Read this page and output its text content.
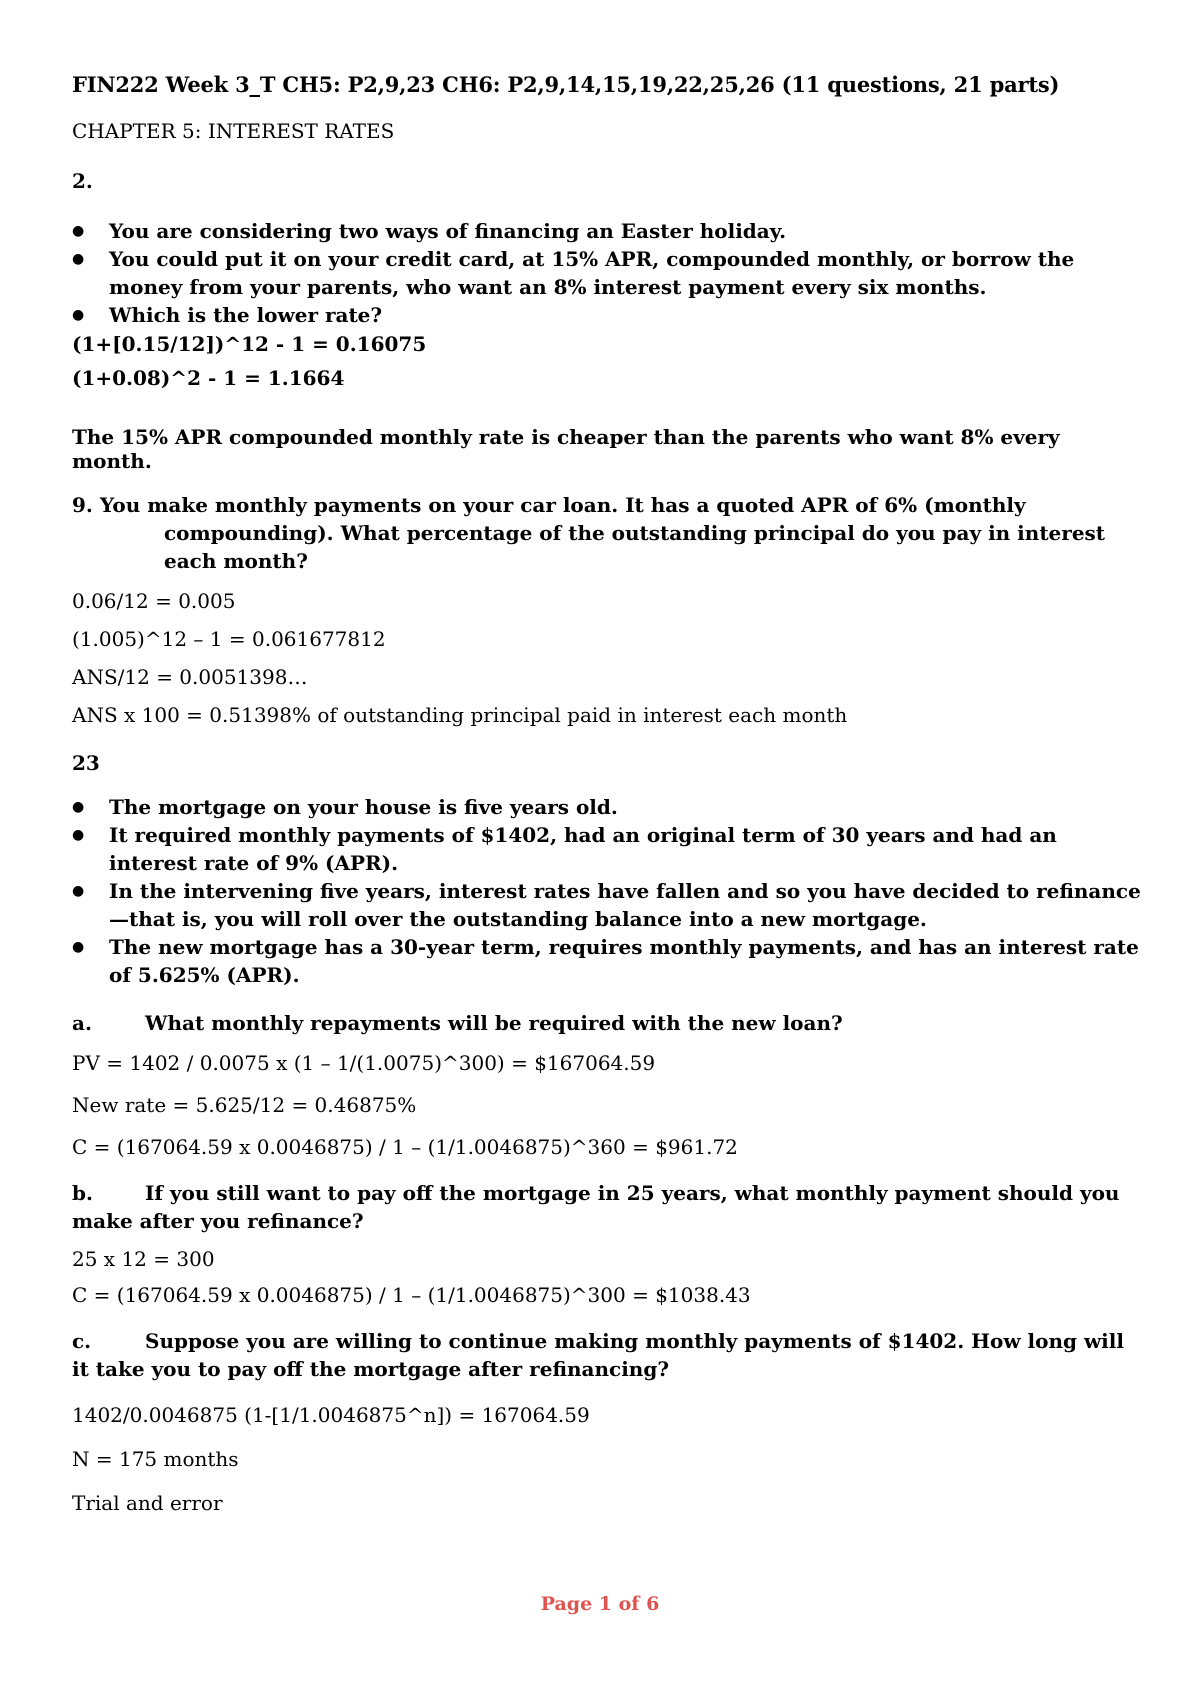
FIN222 Week 3_T CH5: P2,9,23 CH6: P2,9,14,15,19,22,25,26 (11 questions, 21 parts)

CHAPTER 5: INTEREST RATES

2.

● You are considering two ways of financing an Easter holiday.
● You could put it on your credit card, at 15% APR, compounded monthly, or borrow the money from your parents, who want an 8% interest payment every six months.
● Which is the lower rate?

(1+[0.15/12])^12 - 1 = 0.16075

(1+0.08)^2 - 1 = 1.1664

The 15% APR compounded monthly rate is cheaper than the parents who want 8% every month.

9. You make monthly payments on your car loan. It has a quoted APR of 6% (monthly compounding). What percentage of the outstanding principal do you pay in interest each month?

0.06/12 = 0.005

(1.005)^12 – 1 = 0.061677812

ANS/12 = 0.0051398…

ANS x 100 = 0.51398% of outstanding principal paid in interest each month

23

● The mortgage on your house is five years old.
● It required monthly payments of $1402, had an original term of 30 years and had an interest rate of 9% (APR).
● In the intervening five years, interest rates have fallen and so you have decided to refinance—that is, you will roll over the outstanding balance into a new mortgage.
● The new mortgage has a 30-year term, requires monthly payments, and has an interest rate of 5.625% (APR).

a.	What monthly repayments will be required with the new loan?

PV = 1402 / 0.0075 x (1 – 1/(1.0075)^300) = $167064.59

New rate = 5.625/12 = 0.46875%

C = (167064.59 x 0.0046875) / 1 – (1/1.0046875)^360 = $961.72

b.	If you still want to pay off the mortgage in 25 years, what monthly payment should you make after you refinance?

25 x 12 = 300

C = (167064.59 x 0.0046875) / 1 – (1/1.0046875)^300 = $1038.43

c.	Suppose you are willing to continue making monthly payments of $1402. How long will it take you to pay off the mortgage after refinancing?

1402/0.0046875 (1-[1/1.0046875^n]) = 167064.59

N = 175 months

Trial and error

Page 1 of 6
